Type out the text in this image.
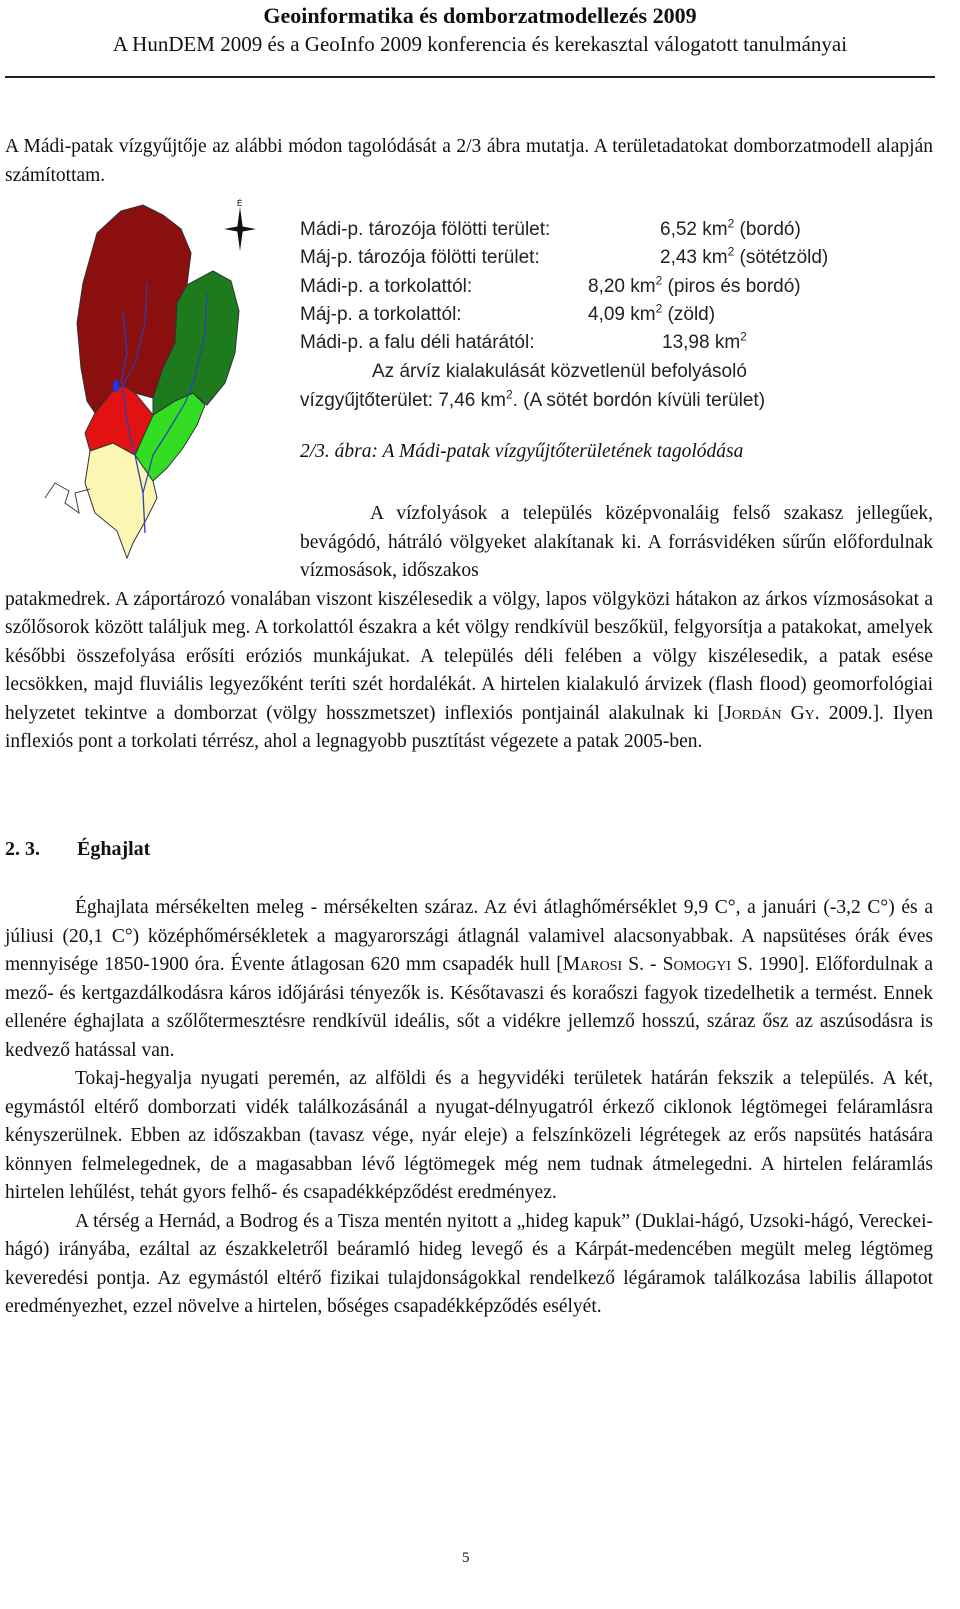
Geoinformatika és domborzatmodellezés 2009
A HunDEM 2009 és a GeoInfo 2009 konferencia és kerekasztal válogatott tanulmányai
A Mádi-patak vízgyűjtője az alábbi módon tagolódását a 2/3 ábra mutatja. A területadatokat domborzatmodell alapján számítottam.
É
Mádi-p. tározója fölötti terület:	6,52 $km^2$ (bordó)
Máj-p. tározója fölötti terület:	2,43 $km^2$ (sötétzöld)
Mádi-p. a torkolattól:	8,20 $km^2$ (piros és bordó)
Máj-p. a torkolattól:	4,09 $km^2$ (zöld)
Mádi-p. a falu déli határától:	13,98 $km^2$
Az árvíz kialakulását közvetlenül befolyásoló
vízgyűjtőterület: 7,46 $km^2$. (A sötét bordón kívüli terület)
2/3. ábra: A Mádi-patak vízgyűjtőterületének tagolódása

A vízfolyások a település középvonaláig felső szakasz jellegűek, bevágódó, hátráló völgyeket alakítanak ki. A forrásvidéken sűrűn előfordulnak vízmosások, időszakos

patakmedrek. A záportározó vonalában viszont kiszélesedik a völgy, lapos völgyközi hátakon az árkos vízmosásokat a szőlősorok között találjuk meg. A torkolattól északra a két völgy rendkívül beszőkül, felgyorsítja a patakokat, amelyek későbbi összefolyása erősíti eróziós munkájukat. A település déli felében a völgy kiszélesedik, a patak esése lecsökken, majd fluviális legyezőként teríti szét hordalékát. A hirtelen kialakuló árvizek (flash flood) geomorfológiai helyzetet tekintve a domborzat (völgy hosszmetszet) inflexiós pontjainál alakulnak ki [Jordán Gy. 2009.]. Ilyen inflexiós pont a torkolati térrész, ahol a legnagyobb pusztítást végezete a patak 2005-ben.

2. 3. Éghajlat

Éghajlata mérsékelten meleg - mérsékelten száraz. Az évi átlaghőmérséklet 9,9 C°, a januári (-3,2 C°) és a júliusi (20,1 C°) középhőmérsékletek a magyarországi átlagnál valamivel alacsonyabbak. A napsütéses órák éves mennyisége 1850-1900 óra. Évente átlagosan 620 mm csapadék hull [Marosi S. - Somogyi S. 1990]. Előfordulnak a mező- és kertgazdálkodásra káros időjárási tényezők is. Későtavaszi és koraőszi fagyok tizedelhetik a termést. Ennek ellenére éghajlata a szőlőtermesztésre rendkívül ideális, sőt a vidékre jellemző hosszú, száraz ősz az aszúsodásra is kedvező hatással van.

Tokaj-hegyalja nyugati peremén, az alföldi és a hegyvidéki területek határán fekszik a település. A két, egymástól eltérő domborzati vidék találkozásánál a nyugat-délnyugatról érkező ciklonok légtömegei feláramlásra kényszerülnek. Ebben az időszakban (tavasz vége, nyár eleje) a felszínközeli légrétegek az erős napsütés hatására könnyen felmelegednek, de a magasabban lévő légtömegek még nem tudnak átmelegedni. A hirtelen feláramlás hirtelen lehűlést, tehát gyors felhő- és csapadékképződést eredményez.

A térség a Hernád, a Bodrog és a Tisza mentén nyitott a „hideg kapuk” (Duklai-hágó, Uzsoki-hágó, Vereckei-hágó) irányába, ezáltal az északkeletről beáramló hideg levegő és a Kárpát-medencében megült meleg légtömeg keveredési pontja. Az egymástól eltérő fizikai tulajdonságokkal rendelkező légáramok találkozása labilis állapotot eredményezhet, ezzel növelve a hirtelen, bőséges csapadékképződés esélyét.

5
